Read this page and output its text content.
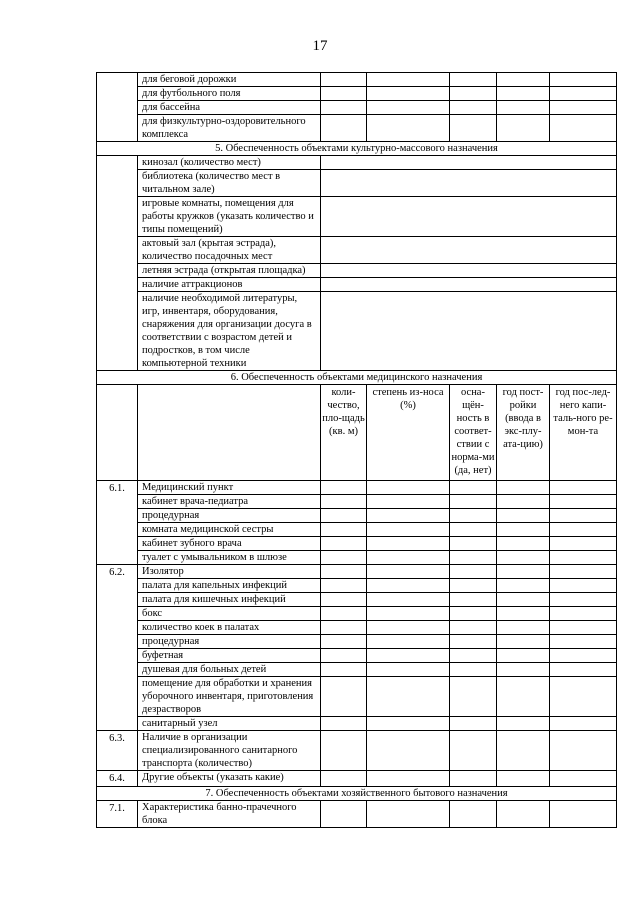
17
	для беговой дорожки					
	для футбольного поля					
	для бассейна					
	для физкультурно-оздоровительного комплекса					
5. Обеспеченность объектами культурно-массового назначения						
	кинозал (количество мест)					
	библиотека (количество мест в читальном зале)					
	игровые комнаты, помещения для работы кружков (указать количество и типы помещений)					
	актовый зал (крытая эстрада), количество посадочных мест					
	летняя эстрада (открытая площадка)					
	наличие аттракционов					
	наличие необходимой литературы, игр, инвентаря, оборудования, снаряжения для организации досуга в соответствии с возрастом детей и подростков, в том числе компьютерной техники					
6. Обеспеченность объектами медицинского назначения						
		коли-чество, пло-щадь (кв. м)	степень из-носа (%)	осна-щён-ность в соответ-ствии с норма-ми (да, нет)	год пост-ройки (ввода в экс-плу-ата-цию)	год пос-лед-него капи-таль-ного ре-мон-та
6.1.	Медицинский пункт					
	кабинет врача-педиатра					
	процедурная					
	комната медицинской сестры					
	кабинет зубного врача					
	туалет с умывальником в шлюзе					
6.2.	Изолятор					
	палата для капельных инфекций					
	палата для кишечных инфекций					
	бокс					
	количество коек в палатах					
	процедурная					
	буфетная					
	душевая для больных детей					
	помещение для обработки и хранения уборочного инвентаря, приготовления дезрастворов					
	санитарный узел					
6.3.	Наличие в организации специализированного санитарного транспорта (количество)					
6.4.	Другие объекты (указать какие)					
7. Обеспеченность объектами хозяйственного бытового назначения						
7.1.	Характеристика банно-прачечного блока					
